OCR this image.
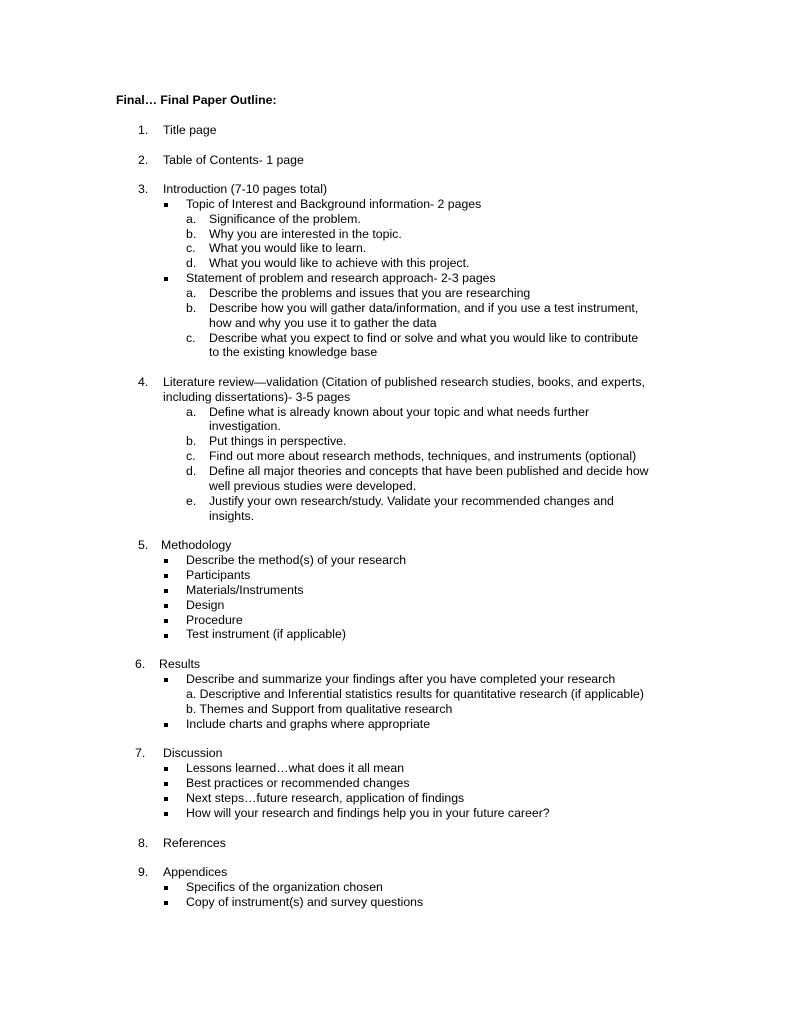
Final… Final Paper Outline:
1. Title page
2. Table of Contents- 1 page
3. Introduction (7-10 pages total)
Topic of Interest and Background information- 2 pages
a. Significance of the problem.
b. Why you are interested in the topic.
c. What you would like to learn.
d. What you would like to achieve with this project.
Statement of problem and research approach- 2-3 pages
a. Describe the problems and issues that you are researching
b. Describe how you will gather data/information, and if you use a test instrument,
how and why you use it to gather the data
c. Describe what you expect to find or solve and what you would like to contribute
to the existing knowledge base
4. Literature review—validation (Citation of published research studies, books, and experts,
including dissertations)- 3-5 pages
a. Define what is already known about your topic and what needs further
investigation.
b. Put things in perspective.
c. Find out more about research methods, techniques, and instruments (optional)
d. Define all major theories and concepts that have been published and decide how
well previous studies were developed.
e. Justify your own research/study. Validate your recommended changes and
insights.
5. Methodology
Describe the method(s) of your research
Participants
Materials/Instruments
Design
Procedure
Test instrument (if applicable)
6. Results
Describe and summarize your findings after you have completed your research
a. Descriptive and Inferential statistics results for quantitative research (if applicable)
b. Themes and Support from qualitative research
Include charts and graphs where appropriate
7. Discussion
Lessons learned…what does it all mean
Best practices or recommended changes
Next steps…future research, application of findings
How will your research and findings help you in your future career?
8. References
9. Appendices
Specifics of the organization chosen
Copy of instrument(s) and survey questions
